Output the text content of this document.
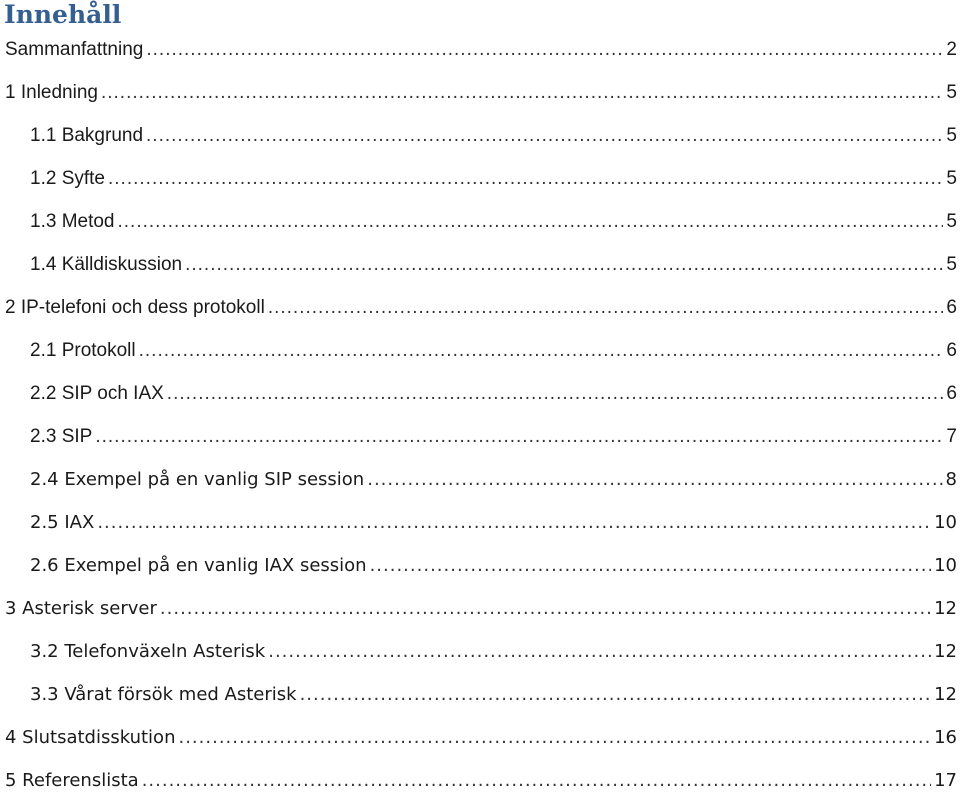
Innehåll
Sammanfattning .....	2
1 Inledning .....	5
1.1 Bakgrund .....	5
1.2 Syfte .....	5
1.3 Metod .....	5
1.4 Källdiskussion .....	5
2 IP-telefoni och dess protokoll .....	6
2.1 Protokoll .....	6
2.2 SIP och IAX .....	6
2.3 SIP .....	7
2.4 Exempel på en vanlig SIP session .....	8
2.5 IAX .....	10
2.6 Exempel på en vanlig IAX session .....	10
3 Asterisk server .....	12
3.2 Telefonväxeln Asterisk .....	12
3.3 Vårat försök med Asterisk .....	12
4 Slutsatdisskution .....	16
5 Referenslista .....	17
